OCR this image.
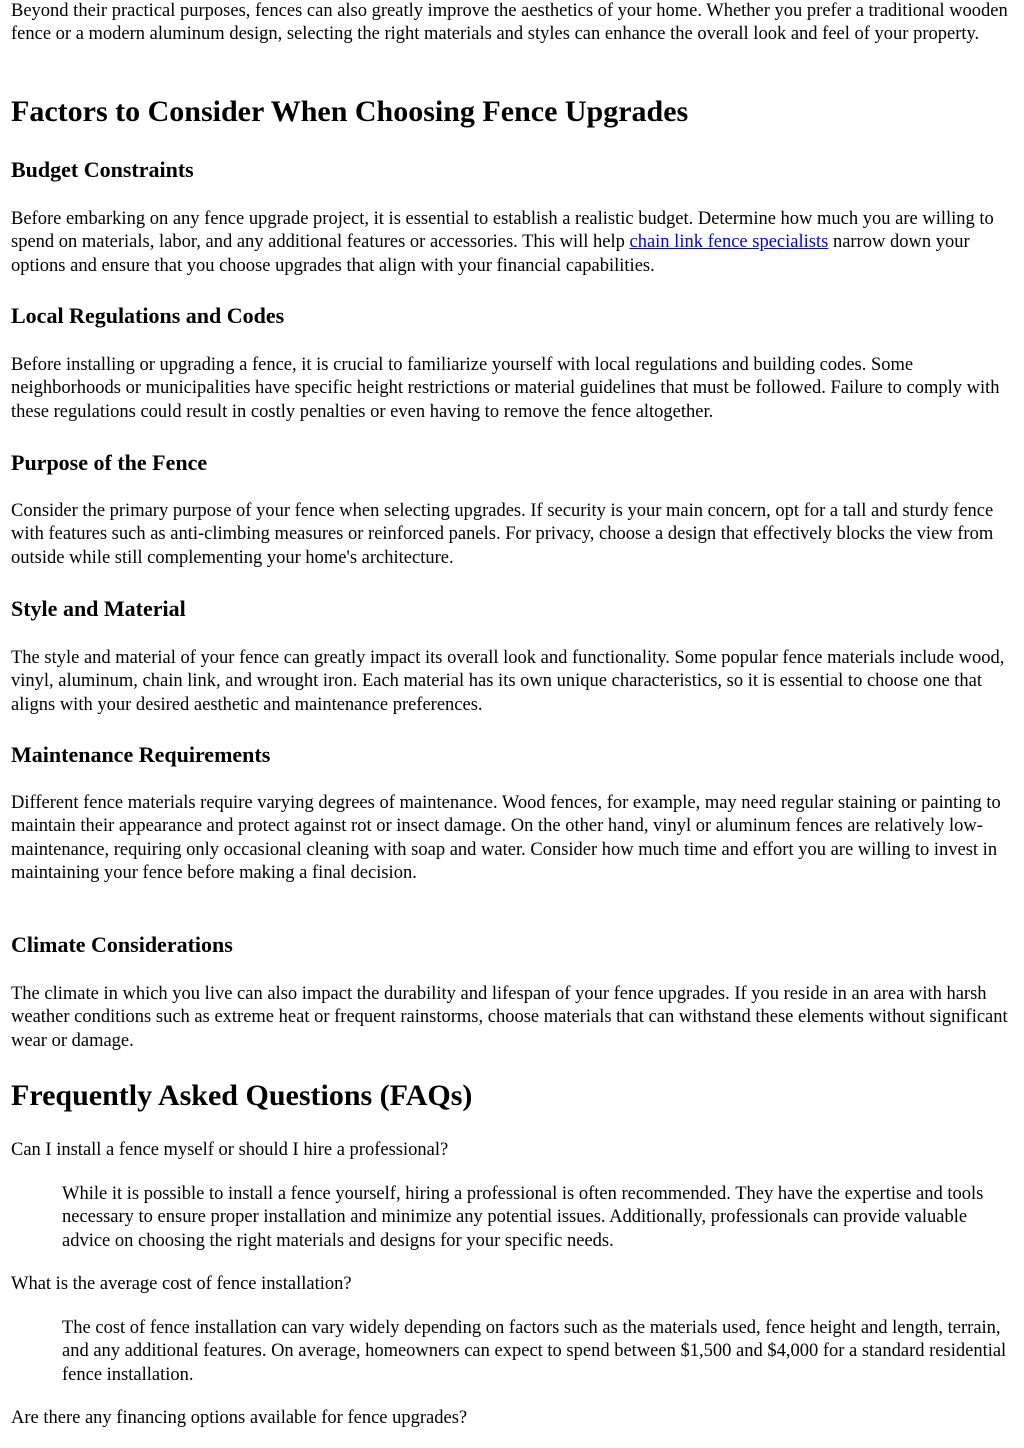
Beyond their practical purposes, fences can also greatly improve the aesthetics of your home. Whether you prefer a traditional wooden fence or a modern aluminum design, selecting the right materials and styles can enhance the overall look and feel of your property.

Factors to Consider When Choosing Fence Upgrades
Budget Constraints

Before embarking on any fence upgrade project, it is essential to establish a realistic budget. Determine how much you are willing to spend on materials, labor, and any additional features or accessories. This will help chain link fence specialists narrow down your options and ensure that you choose upgrades that align with your financial capabilities.

Local Regulations and Codes

Before installing or upgrading a fence, it is crucial to familiarize yourself with local regulations and building codes. Some neighborhoods or municipalities have specific height restrictions or material guidelines that must be followed. Failure to comply with these regulations could result in costly penalties or even having to remove the fence altogether.

Purpose of the Fence

Consider the primary purpose of your fence when selecting upgrades. If security is your main concern, opt for a tall and sturdy fence with features such as anti-climbing measures or reinforced panels. For privacy, choose a design that effectively blocks the view from outside while still complementing your home's architecture.

Style and Material

The style and material of your fence can greatly impact its overall look and functionality. Some popular fence materials include wood, vinyl, aluminum, chain link, and wrought iron. Each material has its own unique characteristics, so it is essential to choose one that aligns with your desired aesthetic and maintenance preferences.

Maintenance Requirements

Different fence materials require varying degrees of maintenance. Wood fences, for example, may need regular staining or painting to maintain their appearance and protect against rot or insect damage. On the other hand, vinyl or aluminum fences are relatively low-maintenance, requiring only occasional cleaning with soap and water. Consider how much time and effort you are willing to invest in maintaining your fence before making a final decision.

Climate Considerations

The climate in which you live can also impact the durability and lifespan of your fence upgrades. If you reside in an area with harsh weather conditions such as extreme heat or frequent rainstorms, choose materials that can withstand these elements without significant wear or damage.

Frequently Asked Questions (FAQs)

Can I install a fence myself or should I hire a professional?

While it is possible to install a fence yourself, hiring a professional is often recommended. They have the expertise and tools necessary to ensure proper installation and minimize any potential issues. Additionally, professionals can provide valuable advice on choosing the right materials and designs for your specific needs.

What is the average cost of fence installation?

The cost of fence installation can vary widely depending on factors such as the materials used, fence height and length, terrain, and any additional features. On average, homeowners can expect to spend between $1,500 and $4,000 for a standard residential fence installation.

Are there any financing options available for fence upgrades?
